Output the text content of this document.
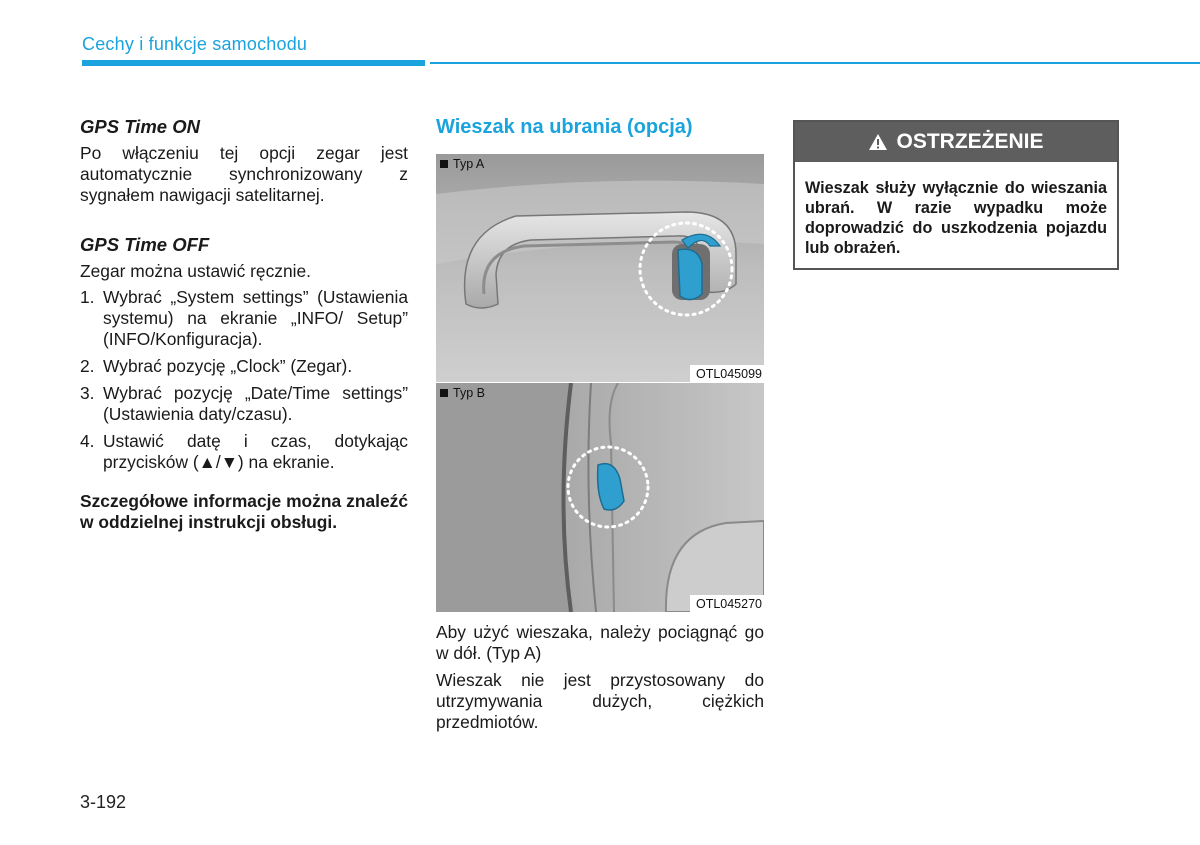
Cechy i funkcje samochodu
GPS Time ON

Po włączeniu tej opcji zegar jest automatycznie synchronizowany z sygnałem nawigacji satelitarnej.

GPS Time OFF

Zegar można ustawić ręcznie.

1. Wybrać „System settings” (Ustawienia systemu) na ekranie „INFO/ Setup” (INFO/Konfiguracja).
2. Wybrać pozycję „Clock” (Zegar).
3. Wybrać pozycję „Date/Time settings” (Ustawienia daty/czasu).
4. Ustawić datę i czas, dotykając przycisków (▲/▼) na ekranie.

Szczegółowe informacje można znaleźć w oddzielnej instrukcji obsługi.

Wieszak na ubrania (opcja)
Typ A
OTL045099
Typ B
OTL045270

Aby użyć wieszaka, należy pociągnąć go w dół. (Typ A)

Wieszak nie jest przystosowany do utrzymywania dużych, ciężkich przedmiotów.

OSTRZEŻENIE
Wieszak służy wyłącznie do wieszania ubrań. W razie wypadku może doprowadzić do uszkodzenia pojazdu lub obrażeń.
3-192
